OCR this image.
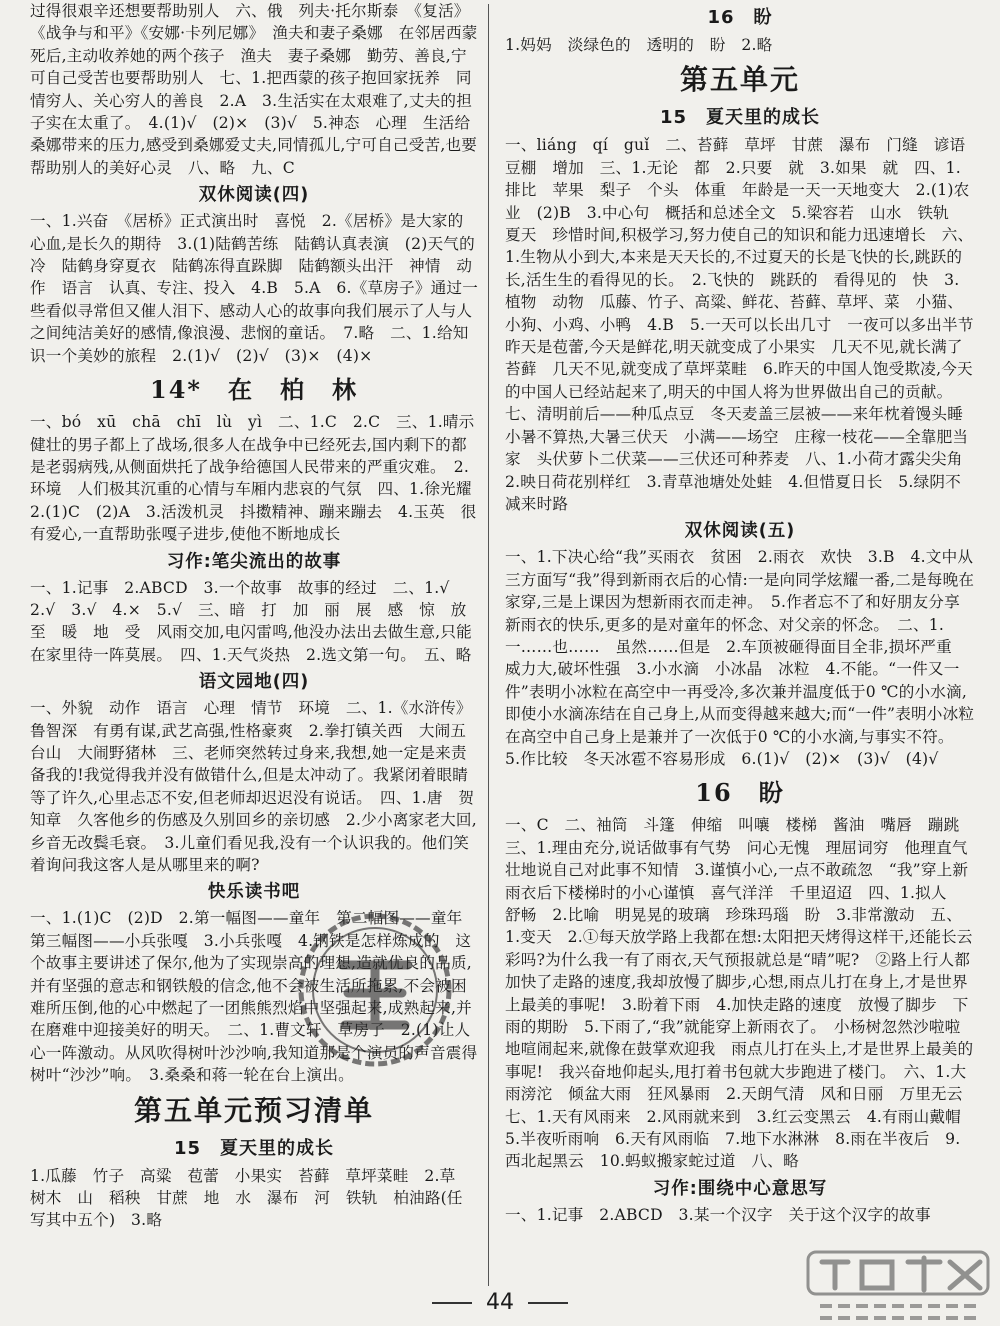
过得很艰辛还想要帮助别人　六、俄　列夫·托尔斯泰　《复活》《战争与和平》《安娜·卡列尼娜》　渔夫和妻子桑娜　在邻居西蒙死后,主动收养她的两个孩子　渔夫　妻子桑娜　勤劳、善良,宁可自己受苦也要帮助别人　七、1.把西蒙的孩子抱回家抚养　同情穷人、关心穷人的善良　2.A　3.生活实在太艰难了,丈夫的担子实在太重了。　4.(1)√　(2)×　(3)√　5.神态　心理　生活给桑娜带来的压力,感受到桑娜爱丈夫,同情孤儿,宁可自己受苦,也要帮助别人的美好心灵　八、略　九、C
双休阅读(四)
一、1.兴奋　《居桥》正式演出时　喜悦　2.《居桥》是大家的心血,是长久的期待　3.(1)陆鹤苦练　陆鹤认真表演　(2)天气的冷　陆鹤身穿夏衣　陆鹤冻得直跺脚　陆鹤额头出汗　神情　动作　语言　认真、专注、投入　4.B　5.A　6.《草房子》通过一些看似寻常但又催人泪下、感动人心的故事向我们展示了人与人之间纯洁美好的感情,像浪漫、悲悯的童话。　7.略　二、1.给知识一个美妙的旅程　2.(1)√　(2)√　(3)×　(4)×
14*　在　柏　林
一、bó　xū　chā　chī　lù　yì　二、1.C　2.C　三、1.晴示健壮的男子都上了战场,很多人在战争中已经死去,国内剩下的都是老弱病残,从侧面烘托了战争给德国人民带来的严重灾难。　2.环境　人们极其沉重的心情与车厢内悲哀的气氛　四、1.徐光耀　2.(1)C　(2)A　3.活泼机灵　抖擞精神、蹦来蹦去　4.玉英　很有爱心,一直帮助张嘎子进步,使他不断地成长
习作:笔尖流出的故事
一、1.记事　2.ABCD　3.一个故事　故事的经过　二、1.√　2.√　3.√　4.×　5.√　三、暗　打　加　丽　展　感　惊　放　至　暖　地　受　风雨交加,电闪雷鸣,他没办法出去做生意,只能在家里待一阵莫展。　四、1.天气炎热　2.选文第一句。　五、略
语文园地(四)
一、外貌　动作　语言　心理　情节　环境　二、1.《水浒传》　鲁智深　有勇有谋,武艺高强,性格豪爽　2.拳打镇关西　大闹五台山　大闹野猪林　三、老师突然转过身来,我想,她一定是来责备我的!我觉得我并没有做错什么,但是太冲动了。我紧闭着眼睛等了许久,心里忐忑不安,但老师却迟迟没有说话。　四、1.唐　贺知章　久客他乡的伤感及久别回乡的亲切感　2.少小离家老大回,乡音无改鬓毛衰。　3.儿童们看见我,没有一个认识我的。他们笑着询问我这客人是从哪里来的啊?
快乐读书吧
一、1.(1)C　(2)D　2.第一幅图——童年　第二幅图——童年　第三幅图——小兵张嘎　3.小兵张嘎　4.钢铁是怎样炼成的　这个故事主要讲述了保尔,他为了实现崇高的理想,造就优良的品质,并有坚强的意志和钢铁般的信念,他不会被生活所拖累,不会被困难所压倒,他的心中燃起了一团熊熊烈焰中坚强起来,成熟起来,并在磨难中迎接美好的明天。　二、1.曹文轩　草房子　2.(1)让人心一阵激动。从风吹得树叶沙沙响,我知道那是个演员的声音震得树叶“沙沙”响。　3.桑桑和蒋一轮在台上演出。
第五单元预习清单
15　夏天里的成长
1.瓜藤　竹子　高粱　苞蕾　小果实　苔藓　草坪菜畦　2.草　树木　山　稻秧　甘蔗　地　水　瀑布　河　铁轨　柏油路(任写其中五个)　3.略
16　盼
1.妈妈　淡绿色的　透明的　盼　2.略
第五单元
15　夏天里的成长
一、liáng　qí　guǐ　二、苔藓　草坪　甘蔗　瀑布　门缝　谚语　豆棚　增加　三、1.无论　都　2.只要　就　3.如果　就　四、1.排比　苹果　梨子　个头　体重　年龄是一天一天地变大　2.(1)农业　(2)B　3.中心句　概括和总述全文　5.梁容若　山水　铁轨　夏天　珍惜时间,积极学习,努力使自己的知识和能力迅速增长　六、1.生物从小到大,本来是天天长的,不过夏天的长是飞快的长,跳跃的长,活生生的看得见的长。　2.飞快的　跳跃的　看得见的　快　3.植物　动物　瓜藤、竹子、高粱、鲜花、苔藓、草坪、菜　小猫、小狗、小鸡、小鸭　4.B　5.一天可以长出几寸　一夜可以多出半节　昨天是苞蕾,今天是鲜花,明天就变成了小果实　几天不见,就长满了苔藓　几天不见,就变成了草坪菜畦　6.昨天的中国人饱受欺凌,今天的中国人已经站起来了,明天的中国人将为世界做出自己的贡献。　七、清明前后——种瓜点豆　冬天麦盖三层被——来年枕着馒头睡　小暑不算热,大暑三伏天　小满——场空　庄稼一枝花——全靠肥当家　头伏萝卜二伏菜——三伏还可种荞麦　八、1.小荷才露尖尖角　2.映日荷花别样红　3.青草池塘处处蛙　4.但惜夏日长　5.绿阴不减来时路
双休阅读(五)
一、1.下决心给“我”买雨衣　贫困　2.雨衣　欢快　3.B　4.文中从三方面写“我”得到新雨衣后的心情:一是向同学炫耀一番,二是每晚在家穿,三是上课因为想新雨衣而走神。　5.作者忘不了和好朋友分享新雨衣的快乐,更多的是对童年的怀念、对父亲的怀念。　二、1.一……也……　虽然……但是　2.车顶被砸得面目全非,损坏严重　威力大,破坏性强　3.小水滴　小冰晶　冰粒　4.不能。“一件又一件”表明小冰粒在高空中一再受冷,多次兼并温度低于0 ℃的小水滴,即使小水滴冻结在自己身上,从而变得越来越大;而“一件”表明小冰粒在高空中自己身上是兼并了一次低于0 ℃的小水滴,与事实不符。　5.作比较　冬天冰雹不容易形成　6.(1)√　(2)×　(3)√　(4)√
16　盼
一、C　二、袖筒　斗篷　伸缩　叫嚷　楼梯　酱油　嘴唇　蹦跳　三、1.理由充分,说话做事有气势　问心无愧　理屈词穷　他理直气壮地说自己对此事不知情　3.谨慎小心,一点不敢疏忽　“我”穿上新雨衣后下楼梯时的小心谨慎　喜气洋洋　千里迢迢　四、1.拟人　舒畅　2.比喻　明晃晃的玻璃　珍珠玛瑙　盼　3.非常激动　五、1.变天　2.①每天放学路上我都在想:太阳把天烤得这样干,还能长云彩吗?为什么我一有了雨衣,天气预报就总是“晴”呢?　②路上行人都加快了走路的速度,我却放慢了脚步,心想,雨点儿打在身上,才是世界上最美的事呢!　3.盼着下雨　4.加快走路的速度　放慢了脚步　下雨的期盼　5.下雨了,“我”就能穿上新雨衣了。　小杨树忽然沙啦啦地喧闹起来,就像在鼓掌欢迎我　雨点儿打在头上,才是世界上最美的事呢!　我兴奋地仰起头,甩打着书包就大步跑进了楼门。　六、1.大雨滂沱　倾盆大雨　狂风暴雨　2.天朗气清　风和日丽　万里无云　七、1.天有风雨来　2.风雨就来到　3.红云变黑云　4.有雨山戴帽　5.半夜听雨响　6.天有风雨临　7.地下水淋淋　8.雨在半夜后　9.西北起黑云　10.蚂蚁搬家蛇过道　八、略
习作:围绕中心意思写
一、1.记事　2.ABCD　3.某一个汉字　关于这个汉字的故事
44
